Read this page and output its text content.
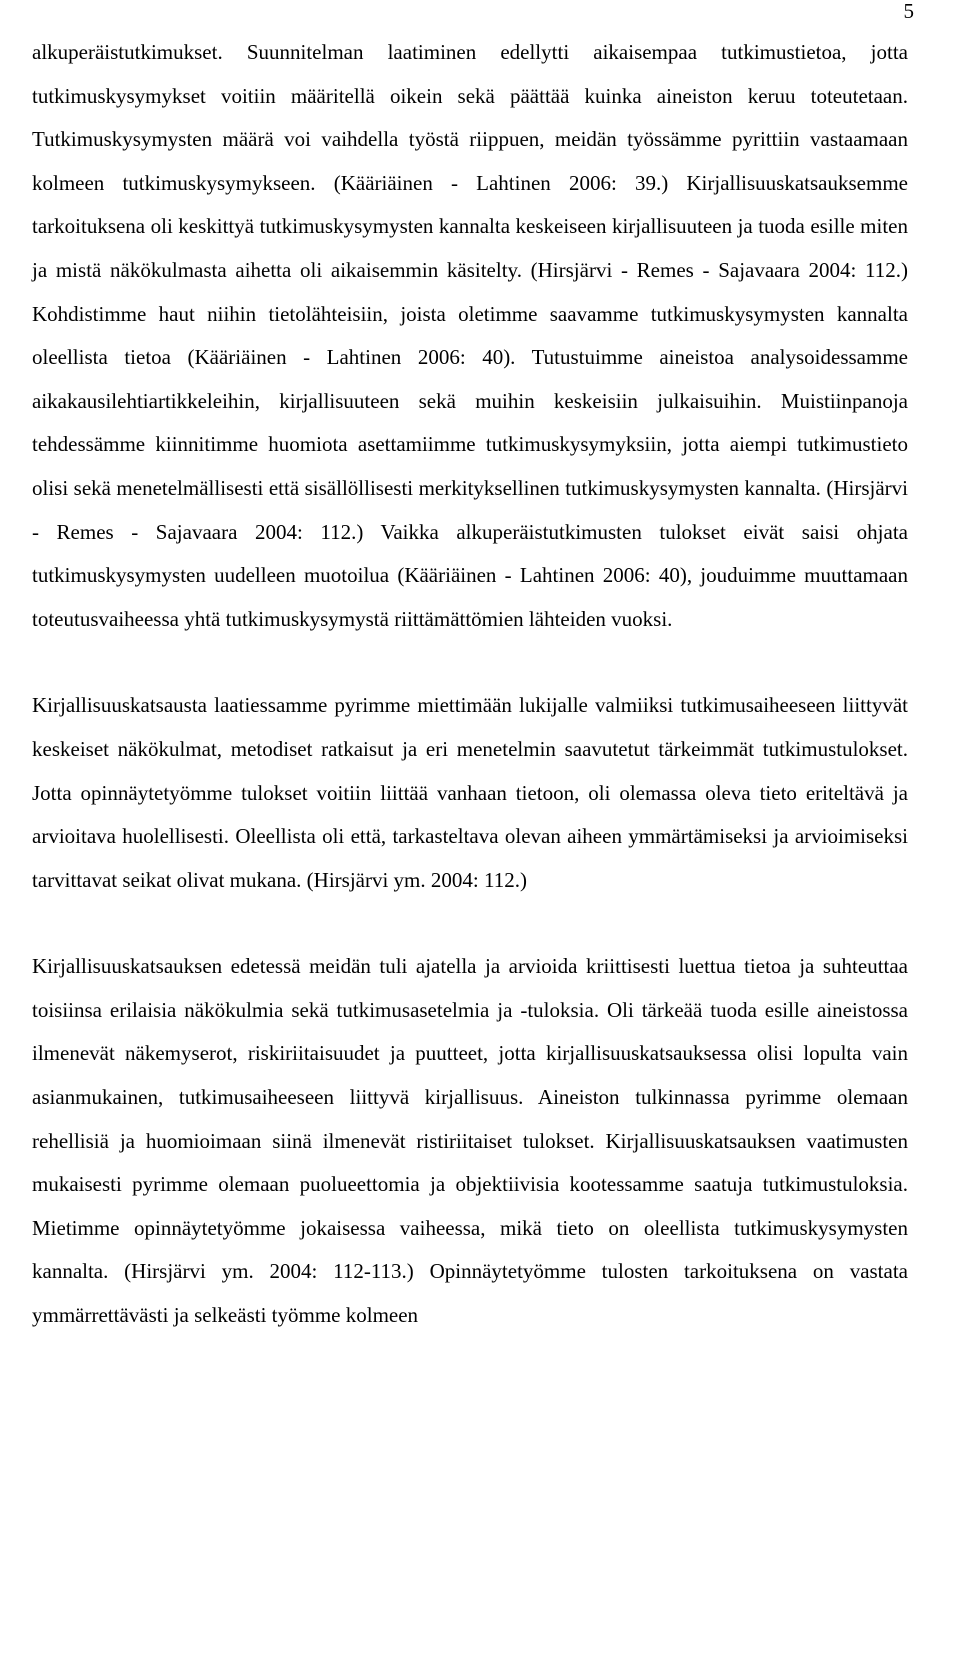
5

alkuperäistutkimukset. Suunnitelman laatiminen edellytti aikaisempaa tutkimustietoa, jotta tutkimuskysymykset voitiin määritellä oikein sekä päättää kuinka aineiston keruu toteutetaan. Tutkimuskysymysten määrä voi vaihdella työstä riippuen, meidän työssämme pyrittiin vastaamaan kolmeen tutkimuskysymykseen. (Kääriäinen - Lahtinen 2006: 39.) Kirjallisuuskatsauksemme tarkoituksena oli keskittyä tutkimuskysymysten kannalta keskeiseen kirjallisuuteen ja tuoda esille miten ja mistä näkökulmasta aihetta oli aikaisemmin käsitelty. (Hirsjärvi - Remes - Sajavaara 2004: 112.) Kohdistimme haut niihin tietolähteisiin, joista oletimme saavamme tutkimuskysymysten kannalta oleellista tietoa (Kääriäinen - Lahtinen 2006: 40). Tutustuimme aineistoa analysoidessamme aikakausilehtiartikkeleihin, kirjallisuuteen sekä muihin keskeisiin julkaisuihin. Muistiinpanoja tehdessämme kiinnitimme huomiota asettamiimme tutkimuskysymyksiin, jotta aiempi tutkimustieto olisi sekä menetelmällisesti että sisällöllisesti merkityksellinen tutkimuskysymysten kannalta. (Hirsjärvi - Remes - Sajavaara 2004: 112.) Vaikka alkuperäistutkimusten tulokset eivät saisi ohjata tutkimuskysymysten uudelleen muotoilua (Kääriäinen - Lahtinen 2006: 40), jouduimme muuttamaan toteutusvaiheessa yhtä tutkimuskysymystä riittämättömien lähteiden vuoksi.

Kirjallisuuskatsausta laatiessamme pyrimme miettimään lukijalle valmiiksi tutkimusaiheeseen liittyvät keskeiset näkökulmat, metodiset ratkaisut ja eri menetelmin saavutetut tärkeimmät tutkimustulokset. Jotta opinnäytetyömme tulokset voitiin liittää vanhaan tietoon, oli olemassa oleva tieto eriteltävä ja arvioitava huolellisesti. Oleellista oli että, tarkasteltava olevan aiheen ymmärtämiseksi ja arvioimiseksi tarvittavat seikat olivat mukana. (Hirsjärvi ym. 2004: 112.)

Kirjallisuuskatsauksen edetessä meidän tuli ajatella ja arvioida kriittisesti luettua tietoa ja suhteuttaa toisiinsa erilaisia näkökulmia sekä tutkimusasetelmia ja -tuloksia. Oli tärkeää tuoda esille aineistossa ilmenevät näkemyserot, riskiriitaisuudet ja puutteet, jotta kirjallisuuskatsauksessa olisi lopulta vain asianmukainen, tutkimusaiheeseen liittyvä kirjallisuus. Aineiston tulkinnassa pyrimme olemaan rehellisiä ja huomioimaan siinä ilmenevät ristiriitaiset tulokset. Kirjallisuuskatsauksen vaatimusten mukaisesti pyrimme olemaan puolueettomia ja objektiivisia kootessamme saatuja tutkimustuloksia. Mietimme opinnäytetyömme jokaisessa vaiheessa, mikä tieto on oleellista tutkimuskysymysten kannalta. (Hirsjärvi ym. 2004: 112-113.) Opinnäytetyömme tulosten tarkoituksena on vastata ymmärrettävästi ja selkeästi työmme kolmeen
